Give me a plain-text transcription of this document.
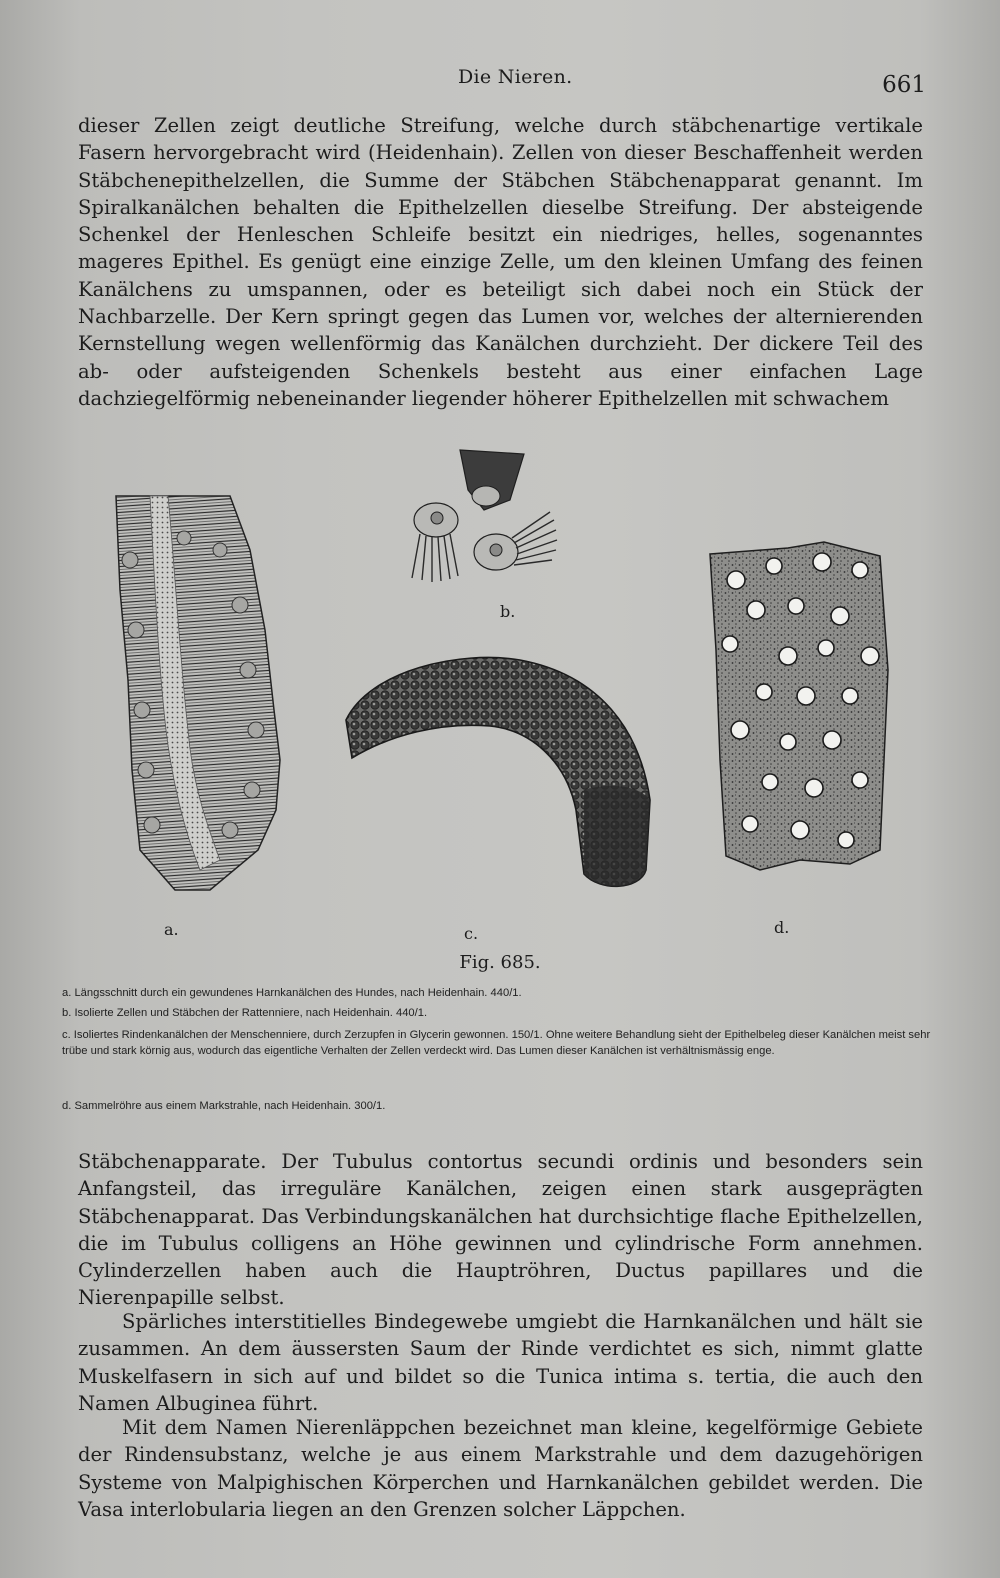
Die Nieren.	661

dieser Zellen zeigt deutliche Streifung, welche durch stäbchenartige vertikale Fasern hervorgebracht wird (Heidenhain). Zellen von dieser Beschaffenheit werden Stäbchenepithelzellen, die Summe der Stäbchen Stäbchenapparat genannt. Im Spiralkanälchen behalten die Epithelzellen dieselbe Streifung. Der absteigende Schenkel der Henleschen Schleife besitzt ein niedriges, helles, sogenanntes mageres Epithel. Es genügt eine einzige Zelle, um den kleinen Umfang des feinen Kanälchens zu umspannen, oder es beteiligt sich dabei noch ein Stück der Nachbarzelle. Der Kern springt gegen das Lumen vor, welches der alternierenden Kernstellung wegen wellenförmig das Kanälchen durchzieht. Der dickere Teil des ab- oder aufsteigenden Schenkels besteht aus einer einfachen Lage dachziegelförmig nebeneinander liegender höherer Epithelzellen mit schwachem

b.
a.	c.	d.
Fig. 685.
a. Längsschnitt durch ein gewundenes Harnkanälchen des Hundes, nach Heidenhain. 440/1.
b. Isolierte Zellen und Stäbchen der Rattenniere, nach Heidenhain. 440/1.
c. Isoliertes Rindenkanälchen der Menschenniere, durch Zerzupfen in Glycerin gewonnen. 150/1. Ohne weitere Behandlung sieht der Epithelbeleg dieser Kanälchen meist sehr trübe und stark körnig aus, wodurch das eigentliche Verhalten der Zellen verdeckt wird. Das Lumen dieser Kanälchen ist verhältnismässig enge.
d. Sammelröhre aus einem Markstrahle, nach Heidenhain. 300/1.

Stäbchenapparate. Der Tubulus contortus secundi ordinis und besonders sein Anfangsteil, das irreguläre Kanälchen, zeigen einen stark ausgeprägten Stäbchenapparat. Das Verbindungskanälchen hat durchsichtige flache Epithelzellen, die im Tubulus colligens an Höhe gewinnen und cylindrische Form annehmen. Cylinderzellen haben auch die Hauptröhren, Ductus papillares und die Nierenpapille selbst.

Spärliches interstitielles Bindegewebe umgiebt die Harnkanälchen und hält sie zusammen. An dem äussersten Saum der Rinde verdichtet es sich, nimmt glatte Muskelfasern in sich auf und bildet so die Tunica intima s. tertia, die auch den Namen Albuginea führt.

Mit dem Namen Nierenläppchen bezeichnet man kleine, kegelförmige Gebiete der Rindensubstanz, welche je aus einem Markstrahle und dem dazugehörigen Systeme von Malpighischen Körperchen und Harnkanälchen gebildet werden. Die Vasa interlobularia liegen an den Grenzen solcher Läppchen.
